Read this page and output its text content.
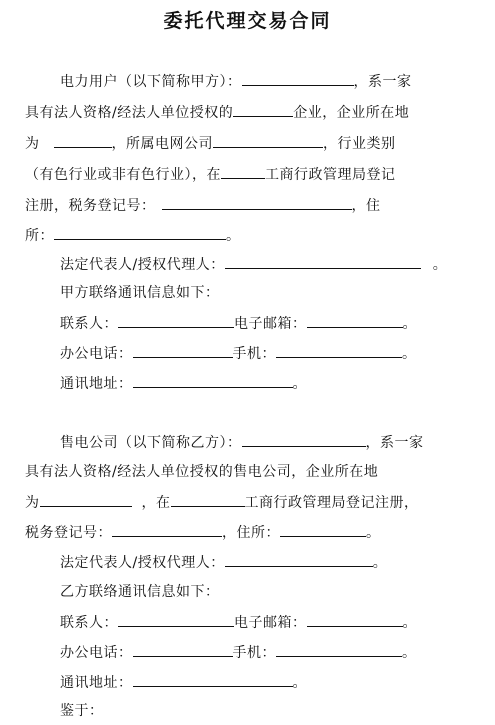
委托代理交易合同
电力用户（以下简称甲方）：	，系一家
具有法人资格/经法人单位授权的	企业，企业所在地
为	，所属电网公司	，行业类别
（有色行业或非有色行业），在	工商行政管理局登记
注册，税务登记号：	，住
所：	。
法定代表人/授权代理人：	。
甲方联络通讯信息如下：
联系人：	电子邮箱：	。
办公电话：	手机：	。
通讯地址：	。
售电公司（以下简称乙方）：	，系一家
具有法人资格/经法人单位授权的售电公司，企业所在地
为	，在	工商行政管理局登记注册，
税务登记号：	，住所：	。
法定代表人/授权代理人：	。
乙方联络通讯信息如下：
联系人：	电子邮箱：	。
办公电话：	手机：	。
通讯地址：	。
鉴于：
